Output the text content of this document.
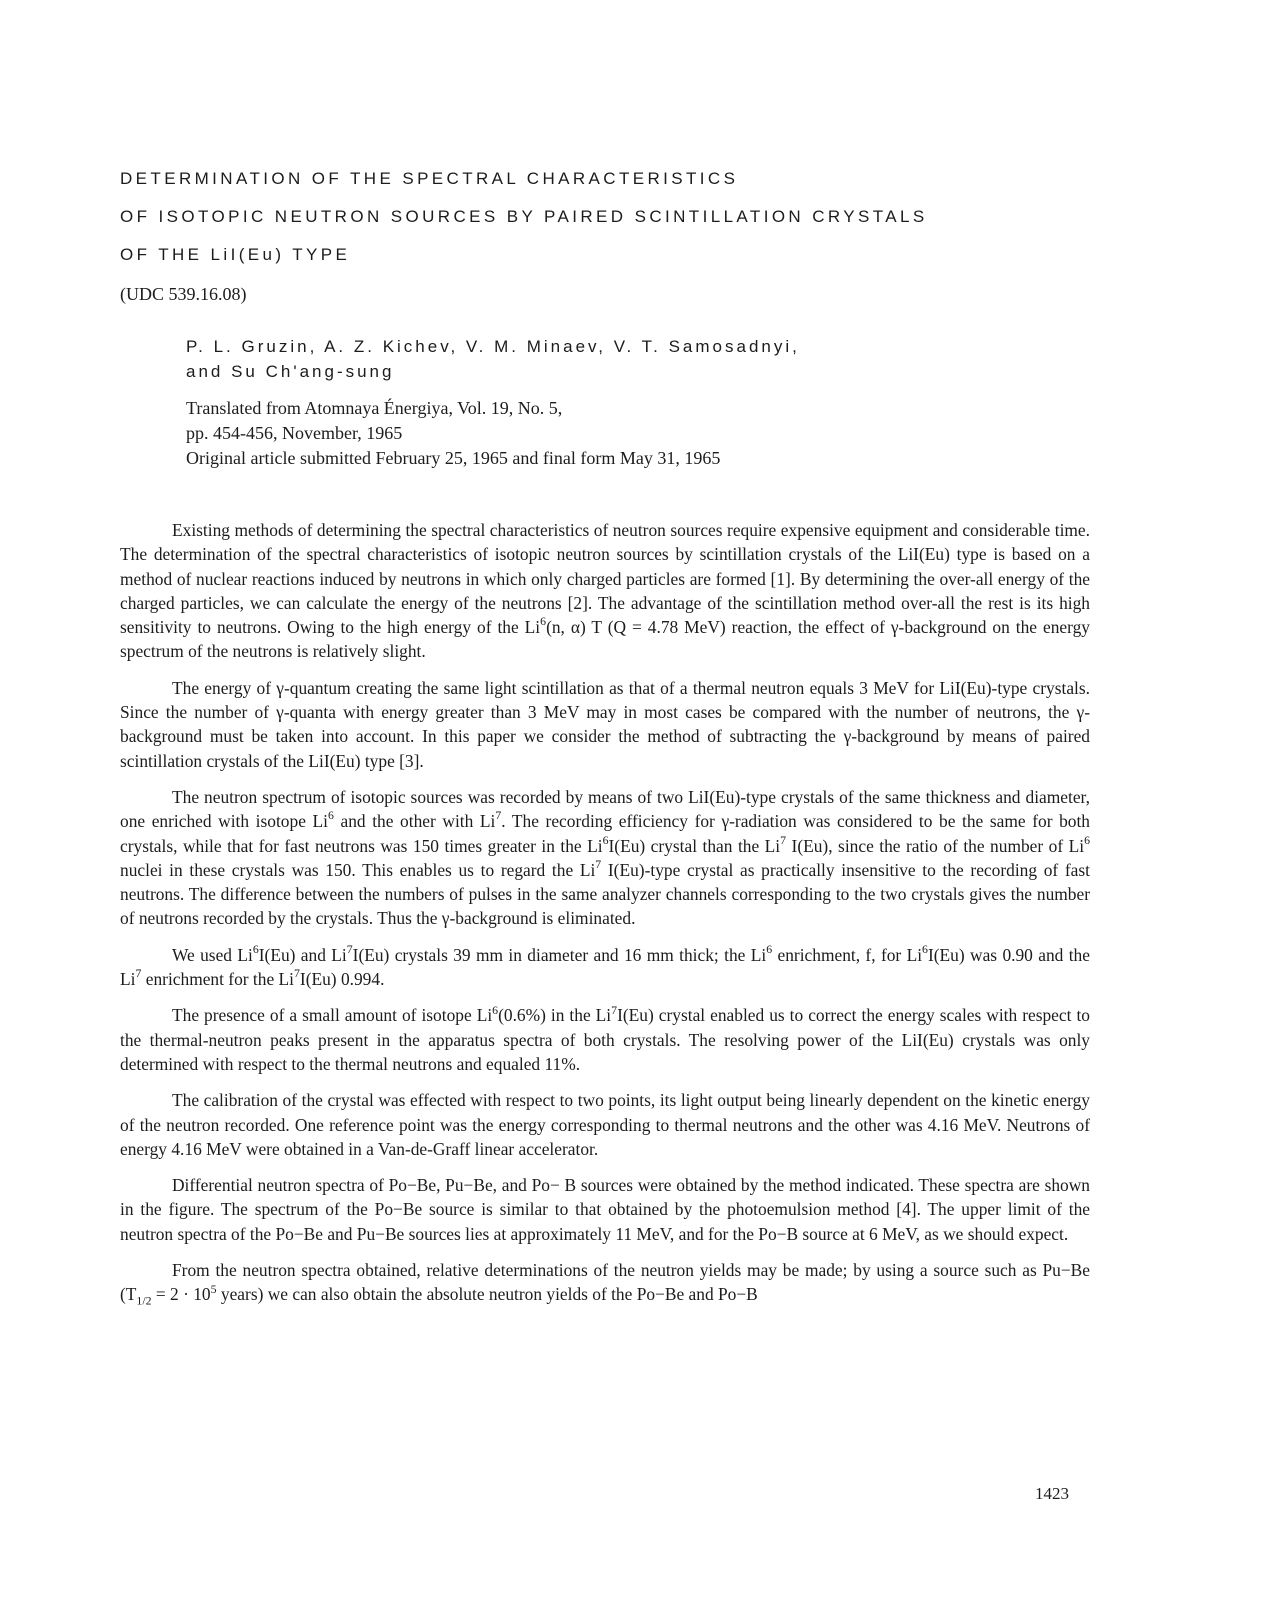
DETERMINATION OF THE SPECTRAL CHARACTERISTICS
OF ISOTOPIC NEUTRON SOURCES BY PAIRED SCINTILLATION CRYSTALS
OF THE LiI(Eu) TYPE
(UDC 539.16.08)
P. L. Gruzin, A. Z. Kichev, V. M. Minaev, V. T. Samosadnyi,
and Su Ch'ang-sung
Translated from Atomnaya Énergiya, Vol. 19, No. 5,
pp. 454-456, November, 1965
Original article submitted February 25, 1965 and final form May 31, 1965

Existing methods of determining the spectral characteristics of neutron sources require expensive equipment and considerable time. The determination of the spectral characteristics of isotopic neutron sources by scintillation crystals of the LiI(Eu) type is based on a method of nuclear reactions induced by neutrons in which only charged particles are formed [1]. By determining the over-all energy of the charged particles, we can calculate the energy of the neutrons [2]. The advantage of the scintillation method over-all the rest is its high sensitivity to neutrons. Owing to the high energy of the Li$^6$(n, α) T (Q = 4.78 MeV) reaction, the effect of γ-background on the energy spectrum of the neutrons is relatively slight.

The energy of γ-quantum creating the same light scintillation as that of a thermal neutron equals 3 MeV for LiI(Eu)-type crystals. Since the number of γ-quanta with energy greater than 3 MeV may in most cases be compared with the number of neutrons, the γ-background must be taken into account. In this paper we consider the method of subtracting the γ-background by means of paired scintillation crystals of the LiI(Eu) type [3].

The neutron spectrum of isotopic sources was recorded by means of two LiI(Eu)-type crystals of the same thickness and diameter, one enriched with isotope Li$^6$ and the other with Li$^7$. The recording efficiency for γ-radiation was considered to be the same for both crystals, while that for fast neutrons was 150 times greater in the Li$^6$I(Eu) crystal than the Li$^7$ I(Eu), since the ratio of the number of Li$^6$ nuclei in these crystals was 150. This enables us to regard the Li$^7$ I(Eu)-type crystal as practically insensitive to the recording of fast neutrons. The difference between the numbers of pulses in the same analyzer channels corresponding to the two crystals gives the number of neutrons recorded by the crystals. Thus the γ-background is eliminated.

We used Li$^6$I(Eu) and Li$^7$I(Eu) crystals 39 mm in diameter and 16 mm thick; the Li$^6$ enrichment, f, for Li$^6$I(Eu) was 0.90 and the Li$^7$ enrichment for the Li$^7$I(Eu) 0.994.

The presence of a small amount of isotope Li$^6$(0.6%) in the Li$^7$I(Eu) crystal enabled us to correct the energy scales with respect to the thermal-neutron peaks present in the apparatus spectra of both crystals. The resolving power of the LiI(Eu) crystals was only determined with respect to the thermal neutrons and equaled 11%.

The calibration of the crystal was effected with respect to two points, its light output being linearly dependent on the kinetic energy of the neutron recorded. One reference point was the energy corresponding to thermal neutrons and the other was 4.16 MeV. Neutrons of energy 4.16 MeV were obtained in a Van-de-Graff linear accelerator.

Differential neutron spectra of Po−Be, Pu−Be, and Po− B sources were obtained by the method indicated. These spectra are shown in the figure. The spectrum of the Po−Be source is similar to that obtained by the photoemulsion method [4]. The upper limit of the neutron spectra of the Po−Be and Pu−Be sources lies at approximately 11 MeV, and for the Po−B source at 6 MeV, as we should expect.

From the neutron spectra obtained, relative determinations of the neutron yields may be made; by using a source such as Pu−Be ($T_{1/2} = 2 \cdot 10^5$ years) we can also obtain the absolute neutron yields of the Po−Be and Po−B

1423
